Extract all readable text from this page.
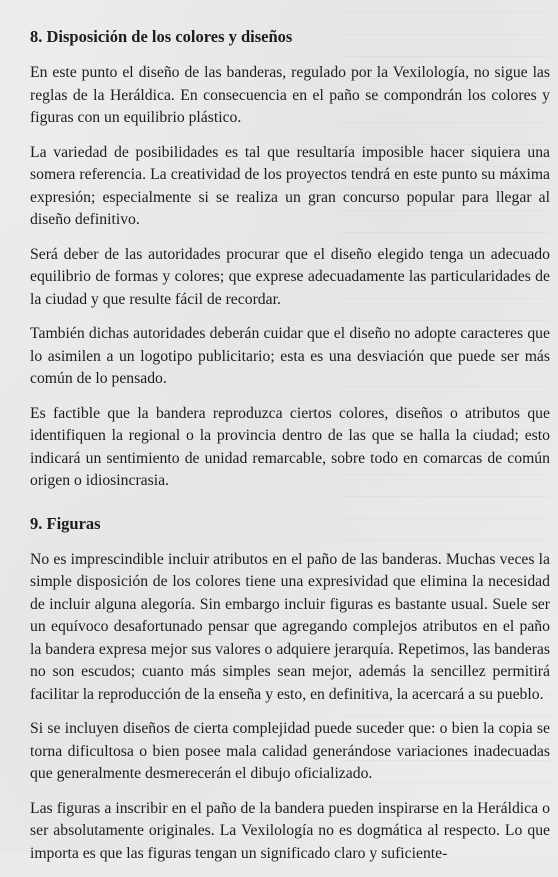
8. Disposición de los colores y diseños

En este punto el diseño de las banderas, regulado por la Vexilología, no sigue las reglas de la Heráldica. En consecuencia en el paño se compondrán los colores y figuras con un equilibrio plástico.

La variedad de posibilidades es tal que resultaría imposible hacer siquiera una somera referencia. La creatividad de los proyectos tendrá en este punto su máxima expresión; especialmente si se realiza un gran concurso popular para llegar al diseño definitivo.

Será deber de las autoridades procurar que el diseño elegido tenga un adecuado equilibrio de formas y colores; que exprese adecuadamente las particularidades de la ciudad y que resulte fácil de recordar.

También dichas autoridades deberán cuidar que el diseño no adopte caracteres que lo asimilen a un logotipo publicitario; esta es una desviación que puede ser más común de lo pensado.

Es factible que la bandera reproduzca ciertos colores, diseños o atributos que identifiquen la regional o la provincia dentro de las que se halla la ciudad; esto indicará un sentimiento de unidad remarcable, sobre todo en comarcas de común origen o idiosincrasia.

9. Figuras

No es imprescindible incluir atributos en el paño de las banderas. Muchas veces la simple disposición de los colores tiene una expresividad que elimina la necesidad de incluir alguna alegoría. Sin embargo incluir figuras es bastante usual. Suele ser un equívoco desafortunado pensar que agregando complejos atributos en el paño la bandera expresa mejor sus valores o adquiere jerarquía. Repetimos, las banderas no son escudos; cuanto más simples sean mejor, además la sencillez permitirá facilitar la reproducción de la enseña y esto, en definitiva, la acercará a su pueblo.

Si se incluyen diseños de cierta complejidad puede suceder que: o bien la copia se torna dificultosa o bien posee mala calidad generándose variaciones inadecuadas que generalmente desmerecerán el dibujo oficializado.

Las figuras a inscribir en el paño de la bandera pueden inspirarse en la Heráldica o ser absolutamente originales. La Vexilología no es dogmática al respecto. Lo que importa es que las figuras tengan un significado claro y suficiente-
